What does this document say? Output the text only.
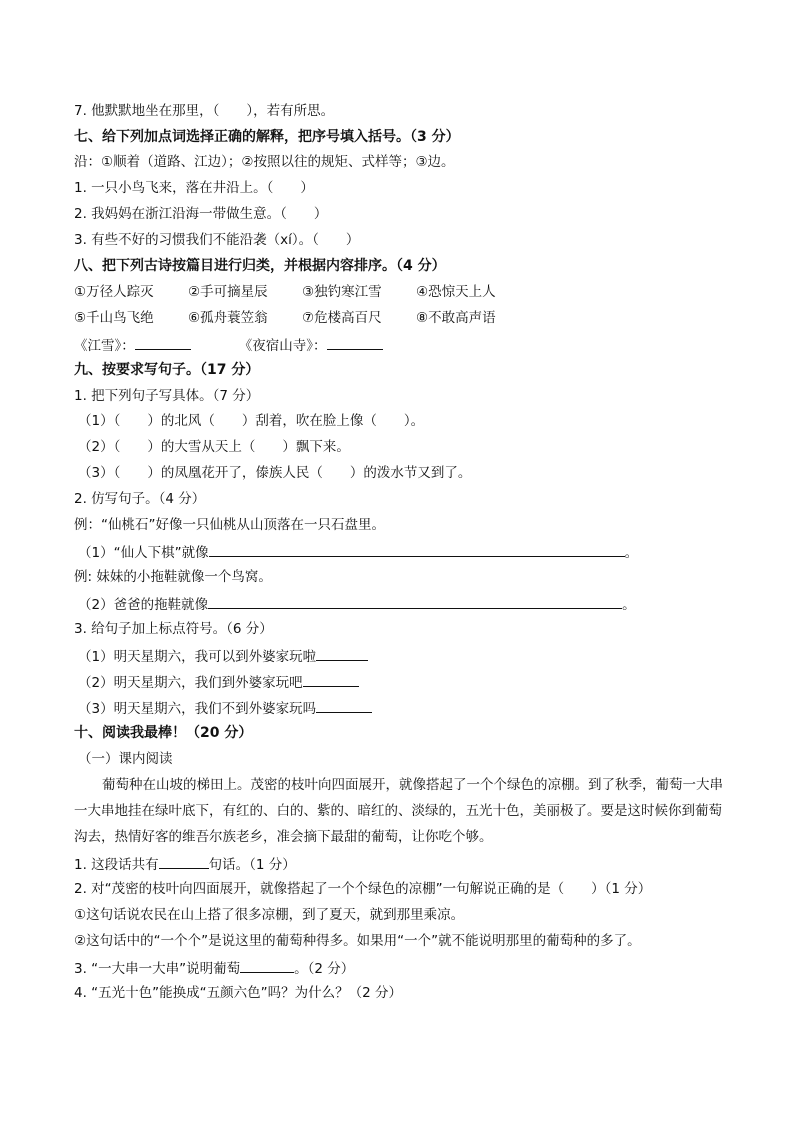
7. 他默默地坐在那里，（　　），若有所思。
七、给下列加点词选择正确的解释，把序号填入括号。（3 分）
沿：①顺着（道路、江边）；②按照以往的规矩、式样等；③边。
1. 一只小鸟飞来，落在井沿上。（　　）
2. 我妈妈在浙江沿海一带做生意。（　　）
3. 有些不好的习惯我们不能沿袭（xí）。（　　）
八、把下列古诗按篇目进行归类，并根据内容排序。（4 分）
①万径人踪灭	②手可摘星辰	③独钓寒江雪	④恐惊天上人
⑤千山鸟飞绝	⑥孤舟蓑笠翁	⑦危楼高百尺	⑧不敢高声语
《江雪》：	《夜宿山寺》：
九、按要求写句子。（17 分）
1. 把下列句子写具体。（7 分）
（1）（　　）的北风（　　）刮着，吹在脸上像（　　）。
（2）（　　）的大雪从天上（　　）飘下来。
（3）（　　）的凤凰花开了，傣族人民（　　）的泼水节又到了。
2. 仿写句子。（4 分）
例：“仙桃石”好像一只仙桃从山顶落在一只石盘里。
（1）“仙人下棋”就像	。
例: 妹妹的小拖鞋就像一个鸟窝。
（2）爸爸的拖鞋就像	。
3. 给句子加上标点符号。（6 分）
（1）明天星期六，我可以到外婆家玩啦
（2）明天星期六，我们到外婆家玩吧
（3）明天星期六，我们不到外婆家玩吗
十、阅读我最棒！（20 分）
（一）课内阅读
葡萄种在山坡的梯田上。茂密的枝叶向四面展开，就像搭起了一个个绿色的凉棚。到了秋季，葡萄一大串一大串地挂在绿叶底下，有红的、白的、紫的、暗红的、淡绿的，五光十色，美丽极了。要是这时候你到葡萄沟去，热情好客的维吾尔族老乡，准会摘下最甜的葡萄，让你吃个够。
1. 这段话共有	句话。（1 分）
2. 对“茂密的枝叶向四面展开，就像搭起了一个个绿色的凉棚”一句解说正确的是（　　）（1 分）
①这句话说农民在山上搭了很多凉棚，到了夏天，就到那里乘凉。
②这句话中的“一个个”是说这里的葡萄种得多。如果用“一个”就不能说明那里的葡萄种的多了。
3. “一大串一大串”说明葡萄	。（2 分）
4. “五光十色”能换成“五颜六色”吗？为什么？（2 分）
